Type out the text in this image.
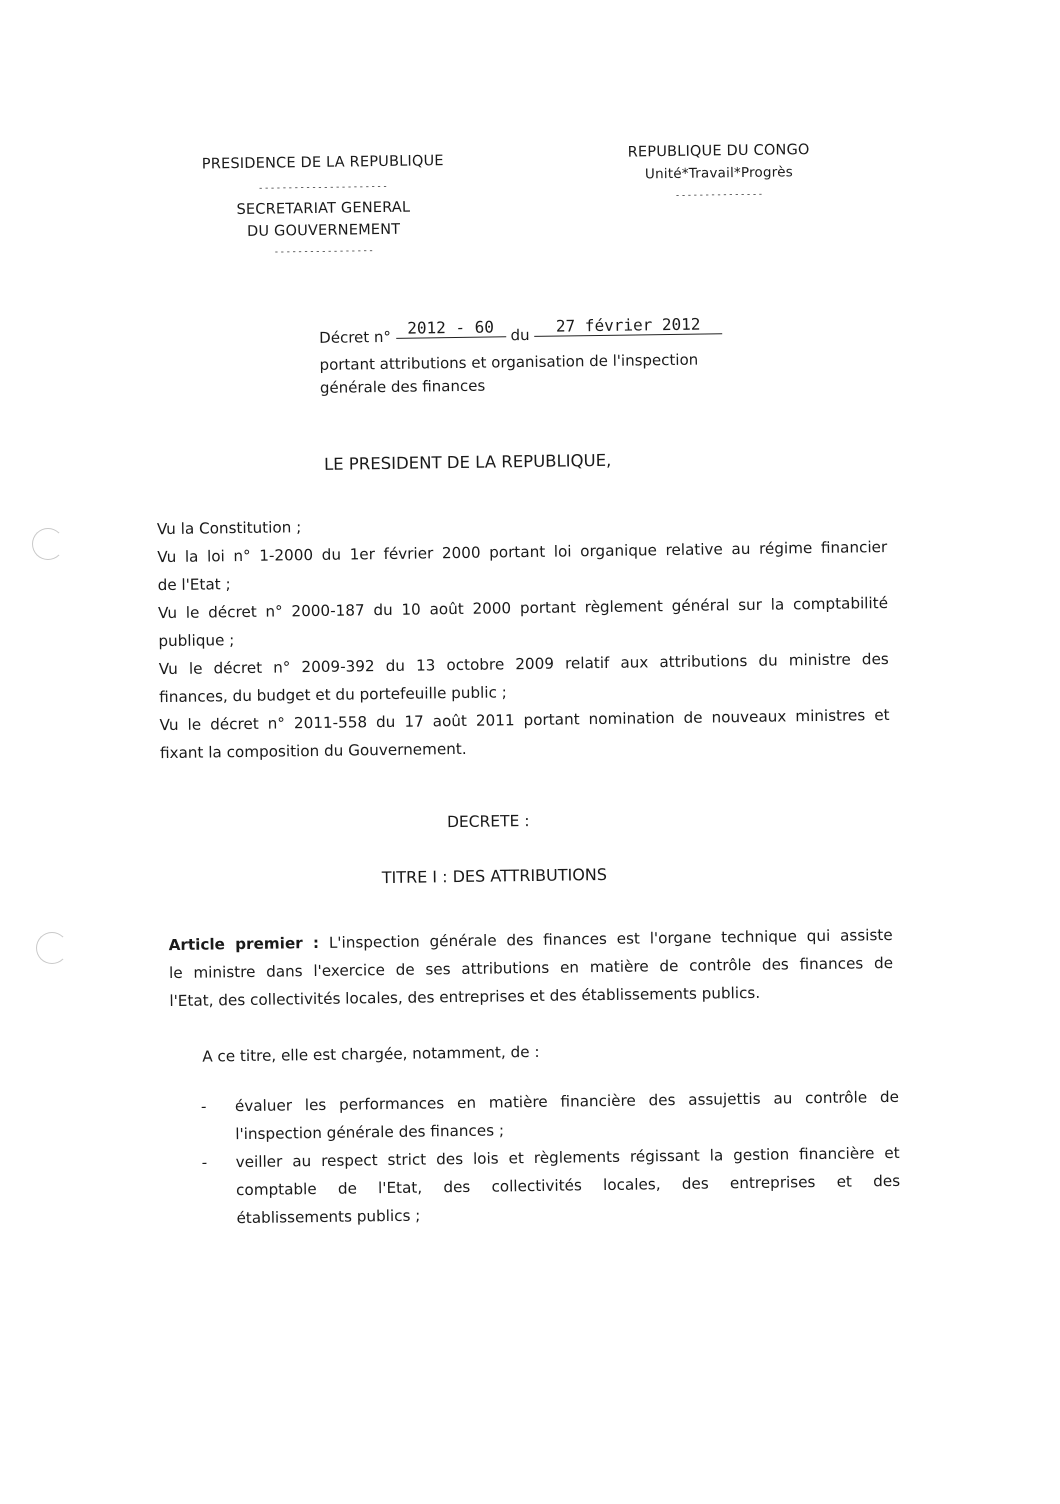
PRESIDENCE DE LA REPUBLIQUE
----------------------
SECRETARIAT GENERAL
DU GOUVERNEMENT
-----------------
REPUBLIQUE DU CONGO
Unité*Travail*Progrès
---------------
Décret n° 2012 - 60 du 27 février 2012
portant attributions et organisation de l'inspection
générale des finances
LE PRESIDENT DE LA REPUBLIQUE,
Vu la Constitution ;
Vu la loi n° 1-2000 du 1er février 2000 portant loi organique relative au régime financier
de l'Etat ;
Vu le décret n° 2000-187 du 10 août 2000 portant règlement général sur la comptabilité
publique ;
Vu le décret n° 2009-392 du 13 octobre 2009 relatif aux attributions du ministre des
finances, du budget et du portefeuille public ;
Vu le décret n° 2011-558 du 17 août 2011 portant nomination de nouveaux ministres et
fixant la composition du Gouvernement.
DECRETE :
TITRE I : DES ATTRIBUTIONS
Article premier : L'inspection générale des finances est l'organe technique qui assiste
le ministre dans l'exercice de ses attributions en matière de contrôle des finances de
l'Etat, des collectivités locales, des entreprises et des établissements publics.
A ce titre, elle est chargée, notamment, de :
- évaluer les performances en matière financière des assujettis au contrôle de
l'inspection générale des finances ;
- veiller au respect strict des lois et règlements régissant la gestion financière et
comptable de l'Etat, des collectivités locales, des entreprises et des
établissements publics ;
